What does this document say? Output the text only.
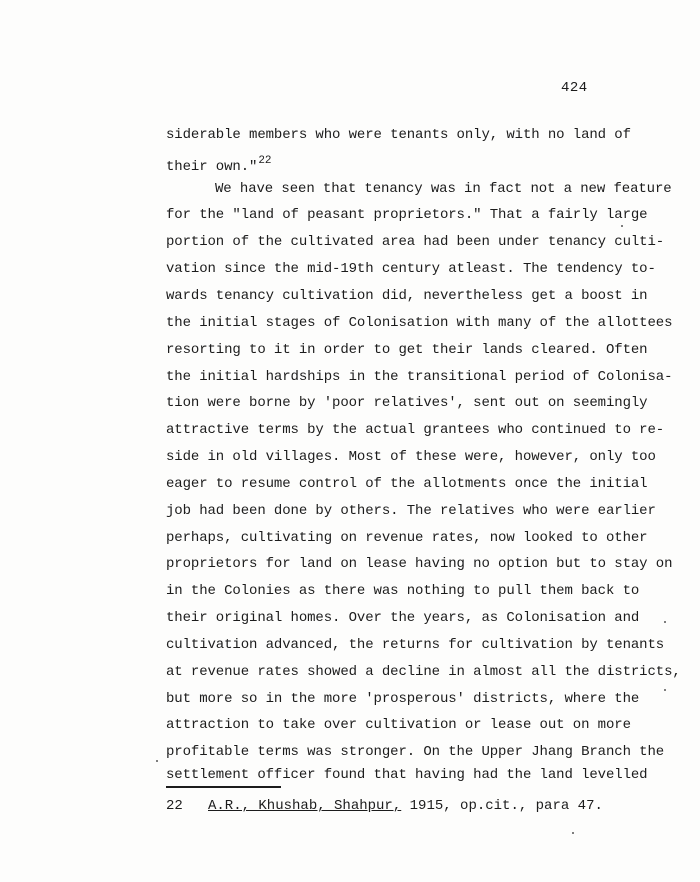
424
siderable members who were tenants only, with no land of
their own."$^{22}$
We have seen that tenancy was in fact not a new feature
for the "land of peasant proprietors." That a fairly large
portion of the cultivated area had been under tenancy culti-
vation since the mid-19th century atleast. The tendency to-
wards tenancy cultivation did, nevertheless get a boost in
the initial stages of Colonisation with many of the allottees
resorting to it in order to get their lands cleared. Often
the initial hardships in the transitional period of Colonisa-
tion were borne by 'poor relatives', sent out on seemingly
attractive terms by the actual grantees who continued to re-
side in old villages. Most of these were, however, only too
eager to resume control of the allotments once the initial
job had been done by others. The relatives who were earlier
perhaps, cultivating on revenue rates, now looked to other
proprietors for land on lease having no option but to stay on
in the Colonies as there was nothing to pull them back to
their original homes. Over the years, as Colonisation and
cultivation advanced, the returns for cultivation by tenants
at revenue rates showed a decline in almost all the districts,
but more so in the more 'prosperous' districts, where the
attraction to take over cultivation or lease out on more
profitable terms was stronger. On the Upper Jhang Branch the
settlement officer found that having had the land levelled
22 A.R., Khushab, Shahpur, 1915, op.cit., para 47.
